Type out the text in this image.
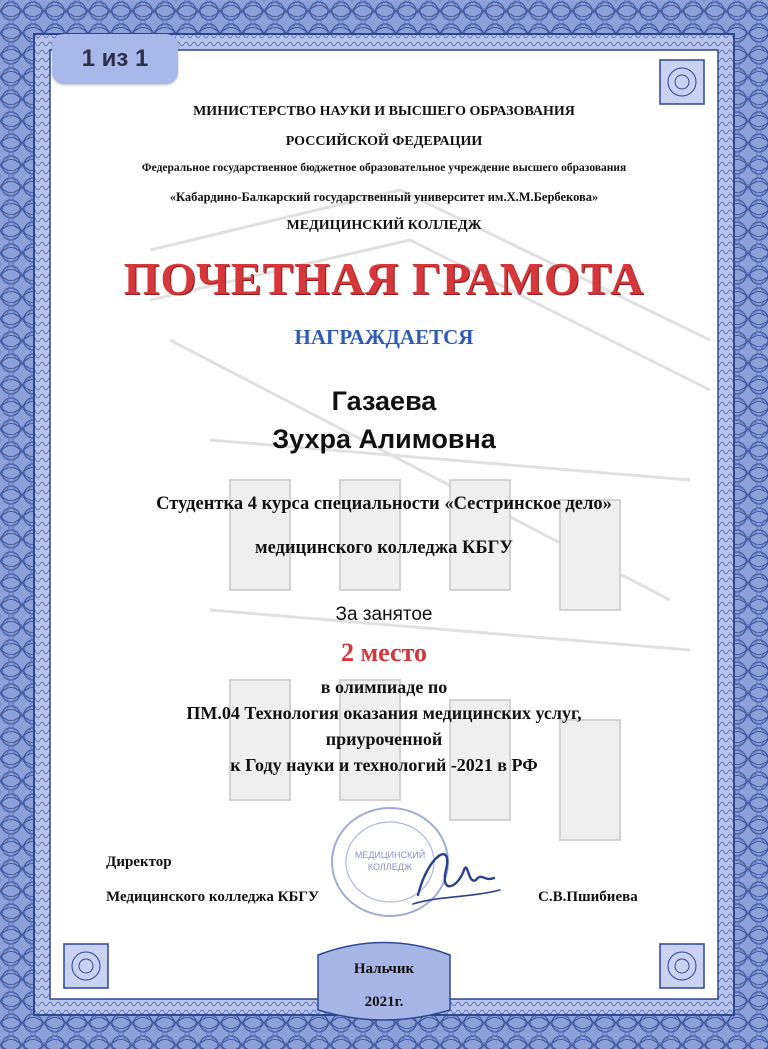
1 из 1
МИНИСТЕРСТВО НАУКИ И ВЫСШЕГО ОБРАЗОВАНИЯ
РОССИЙСКОЙ ФЕДЕРАЦИИ
Федеральное государственное бюджетное образовательное учреждение высшего образования
«Кабардино-Балкарский государственный университет им.Х.М.Бербекова»
МЕДИЦИНСКИЙ КОЛЛЕДЖ
ПОЧЕТНАЯ ГРАМОТА
НАГРАЖДАЕТСЯ
Газаева
Зухра Алимовна
Студентка 4 курса специальности «Сестринское дело»
медицинского колледжа КБГУ
За занятое
2 место
в олимпиаде по
ПМ.04 Технология оказания медицинских услуг,
приуроченной
к Году науки и технологий -2021 в РФ
МЕДИЦИНСКИЙ
КОЛЛЕДЖ
Директор
Медицинского колледжа КБГУ	С.В.Пшибиева
Нальчик
2021г.
